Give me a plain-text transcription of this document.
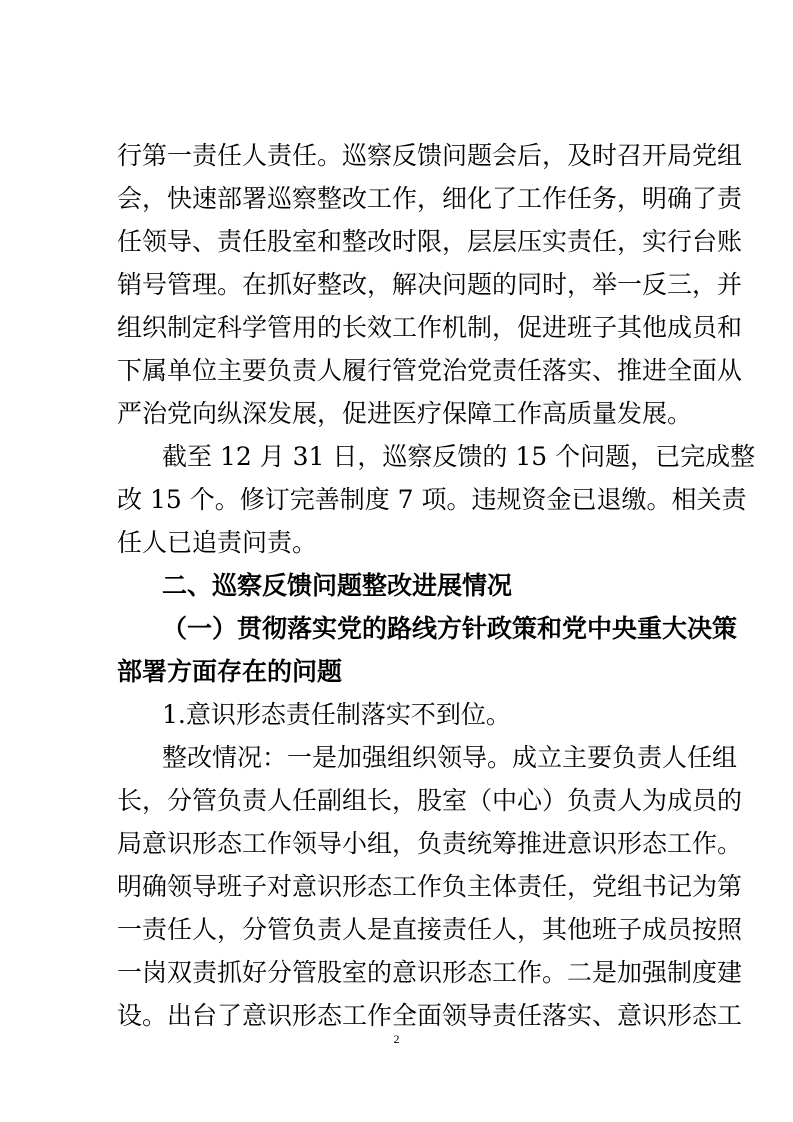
行第一责任人责任。巡察反馈问题会后，及时召开局党组
会，快速部署巡察整改工作，细化了工作任务，明确了责
任领导、责任股室和整改时限，层层压实责任，实行台账
销号管理。在抓好整改，解决问题的同时，举一反三，并
组织制定科学管用的长效工作机制，促进班子其他成员和
下属单位主要负责人履行管党治党责任落实、推进全面从
严治党向纵深发展，促进医疗保障工作高质量发展。
截至 12 月 31 日，巡察反馈的 15 个问题，已完成整
改 15 个。修订完善制度 7 项。违规资金已退缴。相关责
任人已追责问责。
二、巡察反馈问题整改进展情况
（一）贯彻落实党的路线方针政策和党中央重大决策
部署方面存在的问题
1.意识形态责任制落实不到位。
整改情况：一是加强组织领导。成立主要负责人任组
长，分管负责人任副组长，股室（中心）负责人为成员的
局意识形态工作领导小组，负责统筹推进意识形态工作。
明确领导班子对意识形态工作负主体责任，党组书记为第
一责任人，分管负责人是直接责任人，其他班子成员按照
一岗双责抓好分管股室的意识形态工作。二是加强制度建
设。出台了意识形态工作全面领导责任落实、意识形态工
2
